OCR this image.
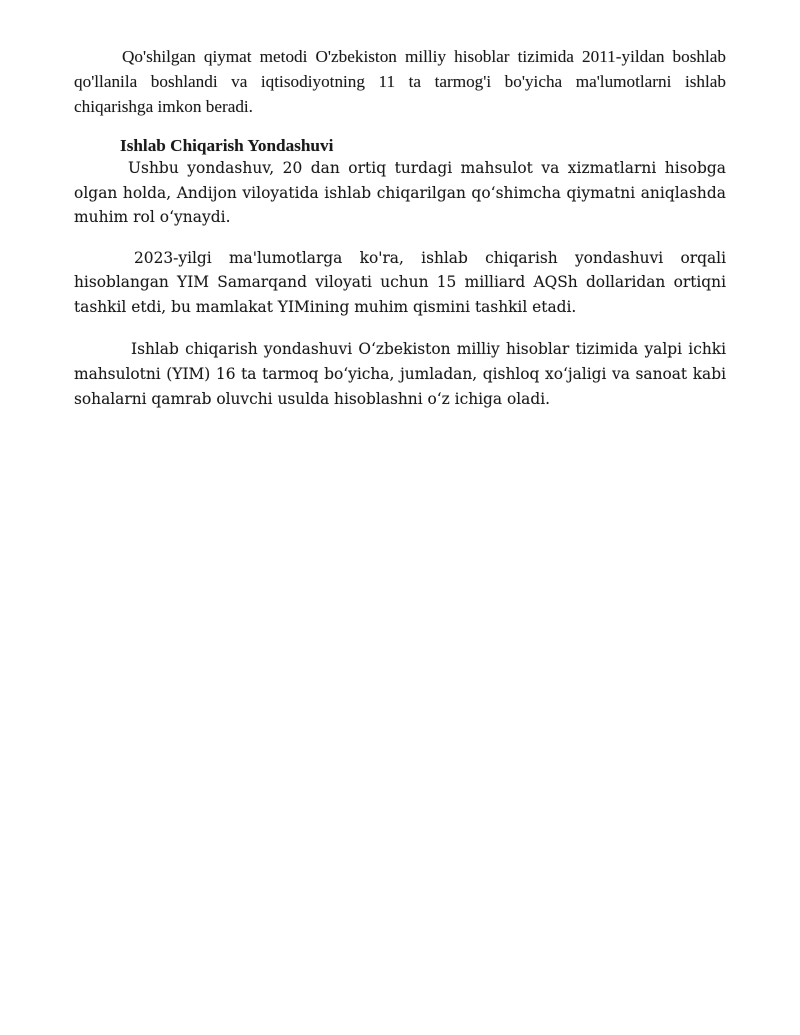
Qo'shilgan qiymat metodi O'zbekiston milliy hisoblar tizimida 2011-yildan boshlab qo'llanila boshlandi va iqtisodiyotning 11 ta tarmog'i bo'yicha ma'lumotlarni ishlab chiqarishga imkon beradi.

Ishlab Chiqarish Yondashuvi

Ushbu yondashuv, 20 dan ortiq turdagi mahsulot va xizmatlarni hisobga olgan holda, Andijon viloyatida ishlab chiqarilgan qo‘shimcha qiymatni aniqlashda muhim rol o‘ynaydi.

2023-yilgi ma'lumotlarga ko'ra, ishlab chiqarish yondashuvi orqali hisoblangan YIM Samarqand viloyati uchun 15 milliard AQSh dollaridan ortiqni tashkil etdi, bu mamlakat YIMining muhim qismini tashkil etadi.

Ishlab chiqarish yondashuvi O‘zbekiston milliy hisoblar tizimida yalpi ichki mahsulotni (YIM) 16 ta tarmoq bo‘yicha, jumladan, qishloq xo‘jaligi va sanoat kabi sohalarni qamrab oluvchi usulda hisoblashni o‘z ichiga oladi.
